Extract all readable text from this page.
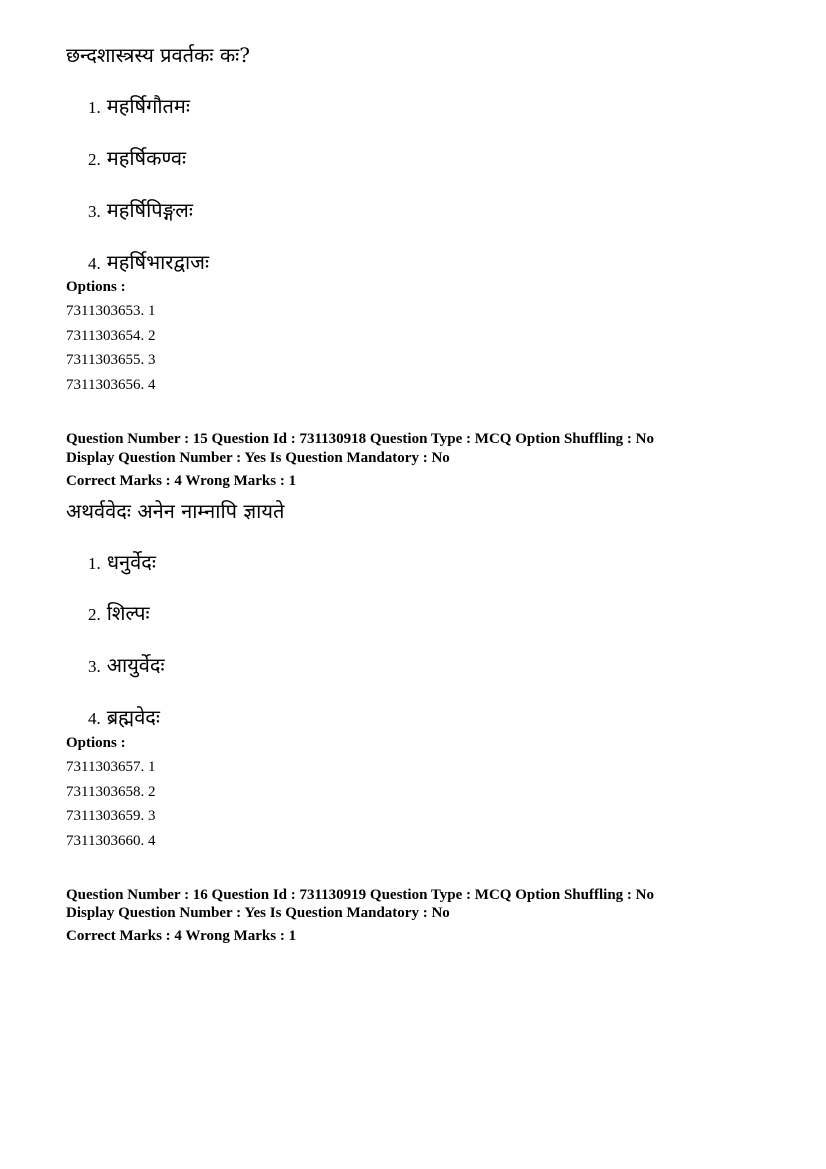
छन्दशास्त्रस्य प्रवर्तकः कः?

1. महर्षिगौतमः
2. महर्षिकण्वः
3. महर्षिपिङ्गलः
4. महर्षिभारद्वाजः
Options :
7311303653. 1
7311303654. 2
7311303655. 3
7311303656. 4
Question Number : 15 Question Id : 731130918 Question Type : MCQ Option Shuffling : No
Display Question Number : Yes Is Question Mandatory : No
Correct Marks : 4 Wrong Marks : 1

अथर्ववेदः अनेन नाम्नापि ज्ञायते

1. धनुर्वेदः
2. शिल्पः
3. आयुर्वेदः
4. ब्रह्मवेदः
Options :
7311303657. 1
7311303658. 2
7311303659. 3
7311303660. 4
Question Number : 16 Question Id : 731130919 Question Type : MCQ Option Shuffling : No
Display Question Number : Yes Is Question Mandatory : No
Correct Marks : 4 Wrong Marks : 1
